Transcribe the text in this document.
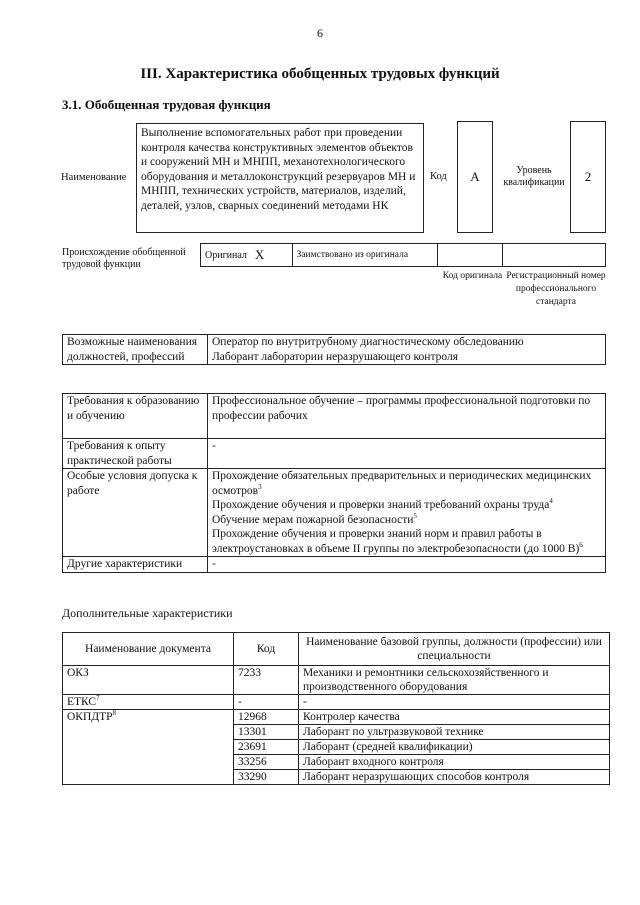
6
III. Характеристика обобщенных трудовых функций
3.1. Обобщенная трудовая функция
Наименование
Выполнение вспомогательных работ при проведении контроля качества конструктивных элементов объектов и сооружений МН и МНПП, механотехнологического оборудования и металлоконструкций резервуаров МН и МНПП, технических устройств, материалов, изделий, деталей, узлов, сварных соединений методами НК
Код	А	Уровень квалификации	2
Происхождение обобщенной трудовой функции
Оригинал X	Заимствовано из оригинала
Код оригинала Регистрационный номер профессионального стандарта
Возможные наименования должностей, профессий	
Оператор по внутритрубному диагностическому обследованию
Лаборант лаборатории неразрушающего контроля
Требования к образованию и обучению	Профессиональное обучение – программы профессиональной подготовки по профессии рабочих
Требования к опыту практической работы	-
Особые условия допуска к работе	Прохождение обязательных предварительных и периодических медицинских осмотров$^3$
Прохождение обучения и проверки знаний требований охраны труда$^4$
Обучение мерам пожарной безопасности$^5$
Прохождение обучения и проверки знаний норм и правил работы в электроустановках в объеме II группы по электробезопасности (до 1000 В)$^6$

Другие характеристики	-
Дополнительные характеристики
Наименование документа	Код	Наименование базовой группы, должности (профессии) или специальности
ОКЗ	7233	Механики и ремонтники сельскохозяйственного и производственного оборудования
ЕТКС$^7$	-	-
ОКПДТР$^8$	12968	Контролер качества
	13301	Лаборант по ультразвуковой технике
	23691	Лаборант (средней квалификации)
	33256	Лаборант входного контроля
	33290	Лаборант неразрушающих способов контроля
